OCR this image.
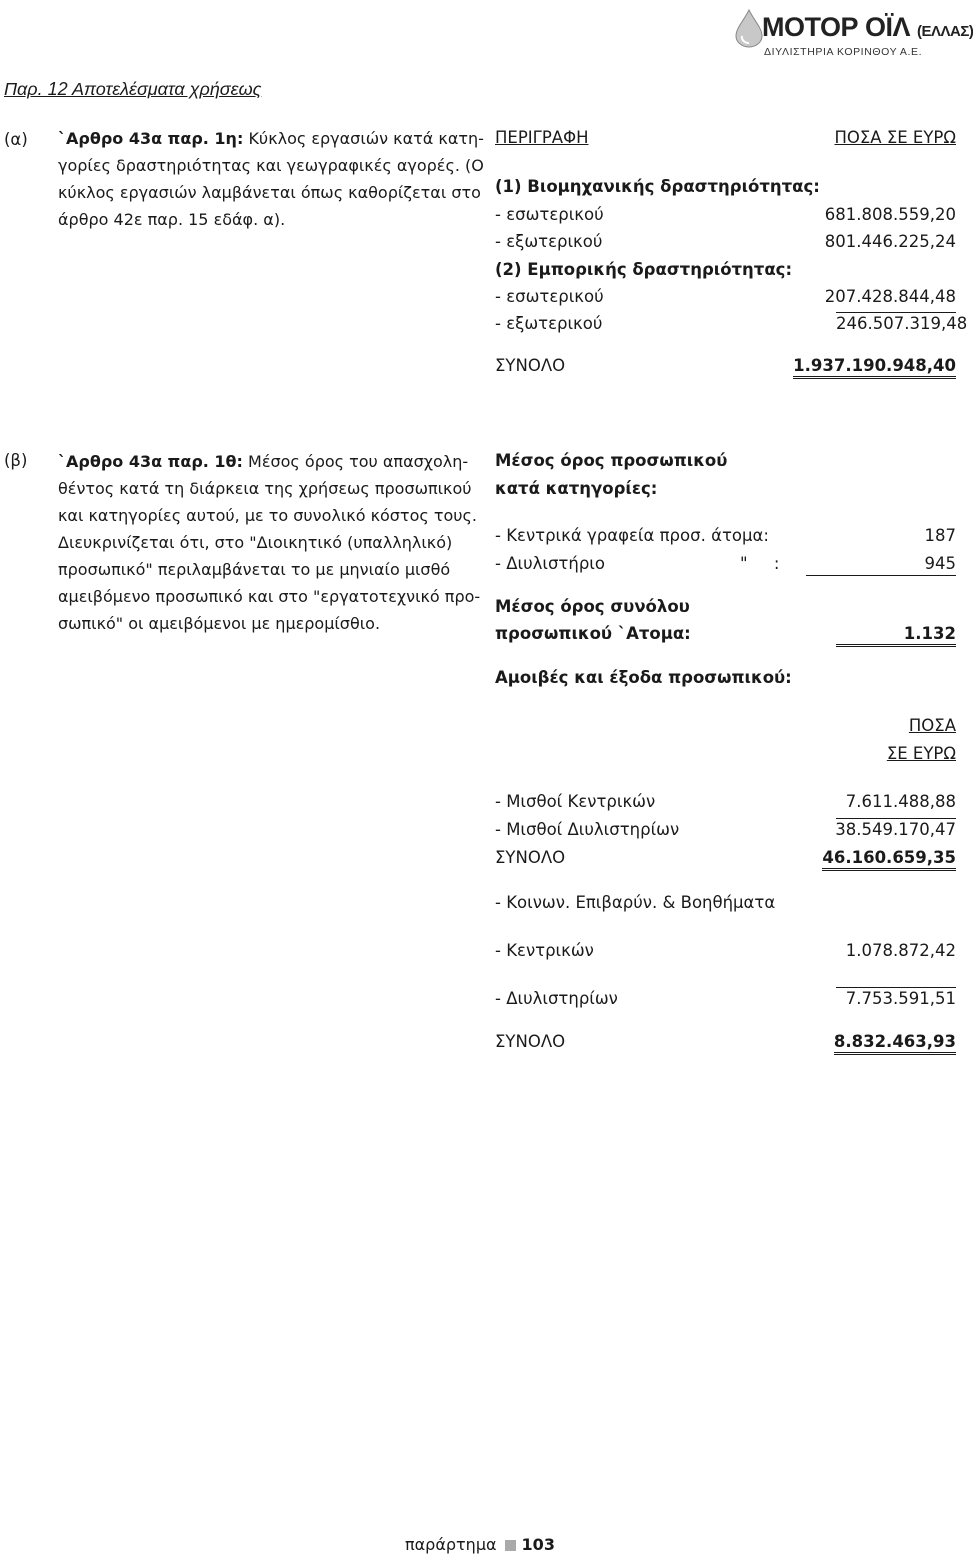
ΜΟΤΟΡ ΟΪΛ (ΕΛΛΑΣ)
ΔΙΥΛΙΣΤΗΡΙΑ ΚΟΡΙΝΘΟΥ Α.Ε.
Παρ. 12 Αποτελέσματα χρήσεως
(α) `Αρθρο 43α παρ. 1η: Κύκλος εργασιών κατά κατη-
γορίες δραστηριότητας και γεωγραφικές αγορές. (Ο
κύκλος εργασιών λαμβάνεται όπως καθορίζεται στο
άρθρο 42ε παρ. 15 εδάφ. α).
ΠΕΡΙΓΡΑΦΗ	ΠΟΣΑ ΣΕ ΕΥΡΩ
(1) Βιομηχανικής δραστηριότητας:
- εσωτερικού	681.808.559,20
- εξωτερικού	801.446.225,24
(2) Εμπορικής δραστηριότητας:
- εσωτερικού	207.428.844,48
- εξωτερικού	246.507.319,48
ΣΥΝΟΛΟ	1.937.190.948,40
(β) `Αρθρο 43α παρ. 1θ: Μέσος όρος του απασχολη-
θέντος κατά τη διάρκεια της χρήσεως προσωπικού
και κατηγορίες αυτού, με το συνολικό κόστος τους.
Διευκρινίζεται ότι, στο "Διοικητικό (υπαλληλικό)
προσωπικό" περιλαμβάνεται το με μηνιαίο μισθό
αμειβόμενο προσωπικό και στο "εργατοτεχνικό προ-
σωπικό" οι αμειβόμενοι με ημερομίσθιο.
Μέσος όρος προσωπικού
κατά κατηγορίες:
- Κεντρικά γραφεία προσ. άτομα:	187
- Διυλιστήριο	"     :	945
Μέσος όρος συνόλου
προσωπικού `Ατομα:	1.132
Αμοιβές και έξοδα προσωπικού:
ΠΟΣΑ
ΣΕ ΕΥΡΩ
- Μισθοί Κεντρικών	7.611.488,88
- Μισθοί Διυλιστηρίων	38.549.170,47
ΣΥΝΟΛΟ	46.160.659,35
- Κοινων. Επιβαρύν. & Βοηθήματα
- Κεντρικών	1.078.872,42
- Διυλιστηρίων	7.753.591,51
ΣΥΝΟΛΟ	8.832.463,93
παράρτημα 103
